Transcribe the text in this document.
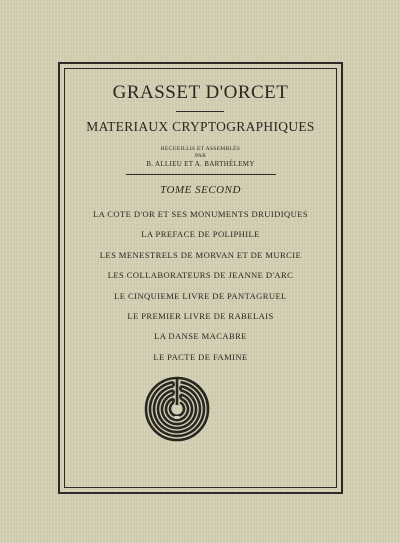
GRASSET D'ORCET
MATERIAUX CRYPTOGRAPHIQUES
RECUEILLIS ET ASSEMBLÉS
PAR
B. ALLIEU ET A. BARTHÉLEMY
TOME SECOND
LA COTE D'OR ET SES MONUMENTS DRUIDIQUES
LA PREFACE DE POLIPHILE
LES MENESTRELS DE MORVAN ET DE MURCIE
LES COLLABORATEURS DE JEANNE D'ARC
LE CINQUIEME LIVRE DE PANTAGRUEL
LE PREMIER LIVRE DE RABELAIS
LA DANSE MACABRE
LE PACTE DE FAMINE
